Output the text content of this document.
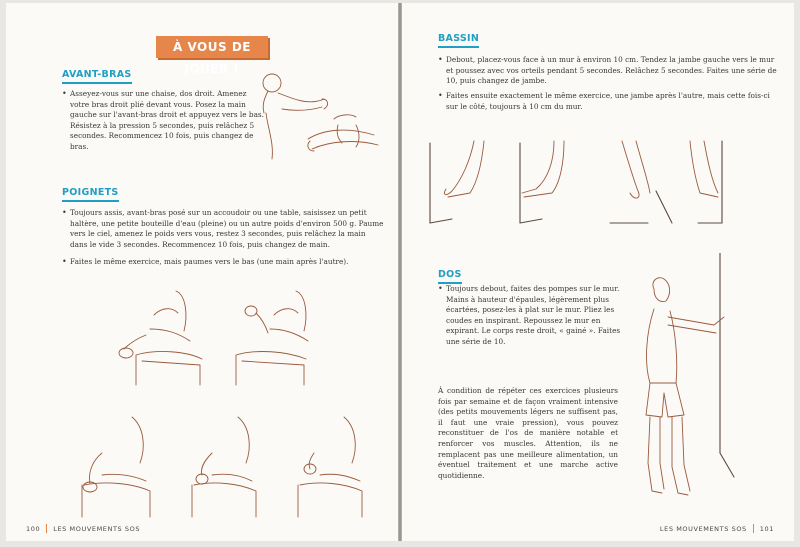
À VOUS DE JOUER !
AVANT-BRAS

• Asseyez-vous sur une chaise, dos droit. Amenez votre bras droit plié devant vous. Posez la main gauche sur l'avant-bras droit et appuyez vers le bas. Résistez à la pression 5 secondes, puis relâchez 5 secondes. Recommencez 10 fois, puis changez de bras.

POIGNETS

• Toujours assis, avant-bras posé sur un accoudoir ou une table, saisissez un petit haltère, une petite bouteille d'eau (pleine) ou un autre poids d'environ 500 g. Paume vers le ciel, amenez le poids vers vous, restez 3 secondes, puis relâchez la main dans le vide 3 secondes. Recommencez 10 fois, puis changez de main.

• Faites le même exercice, mais paumes vers le bas (une main après l'autre).

100 LES MOUVEMENTS SOS
BASSIN

• Debout, placez-vous face à un mur à environ 10 cm. Tendez la jambe gauche vers le mur et poussez avec vos orteils pendant 5 secondes. Relâchez 5 secondes. Faites une série de 10, puis changez de jambe.

• Faites ensuite exactement le même exercice, une jambe après l'autre, mais cette fois-ci sur le côté, toujours à 10 cm du mur.

DOS

• Toujours debout, faites des pompes sur le mur. Mains à hauteur d'épaules, légèrement plus écartées, posez-les à plat sur le mur. Pliez les coudes en inspirant. Repoussez le mur en expirant. Le corps reste droit, « gainé ». Faites une série de 10.

À condition de répéter ces exercices plusieurs fois par semaine et de façon vraiment intensive (des petits mouvements légers ne suffisent pas, il faut une vraie pression), vous pouvez reconstituer de l'os de manière notable et renforcer vos muscles. Attention, ils ne remplacent pas une meilleure alimentation, un éventuel traitement et une marche active quotidienne.

LES MOUVEMENTS SOS 101
